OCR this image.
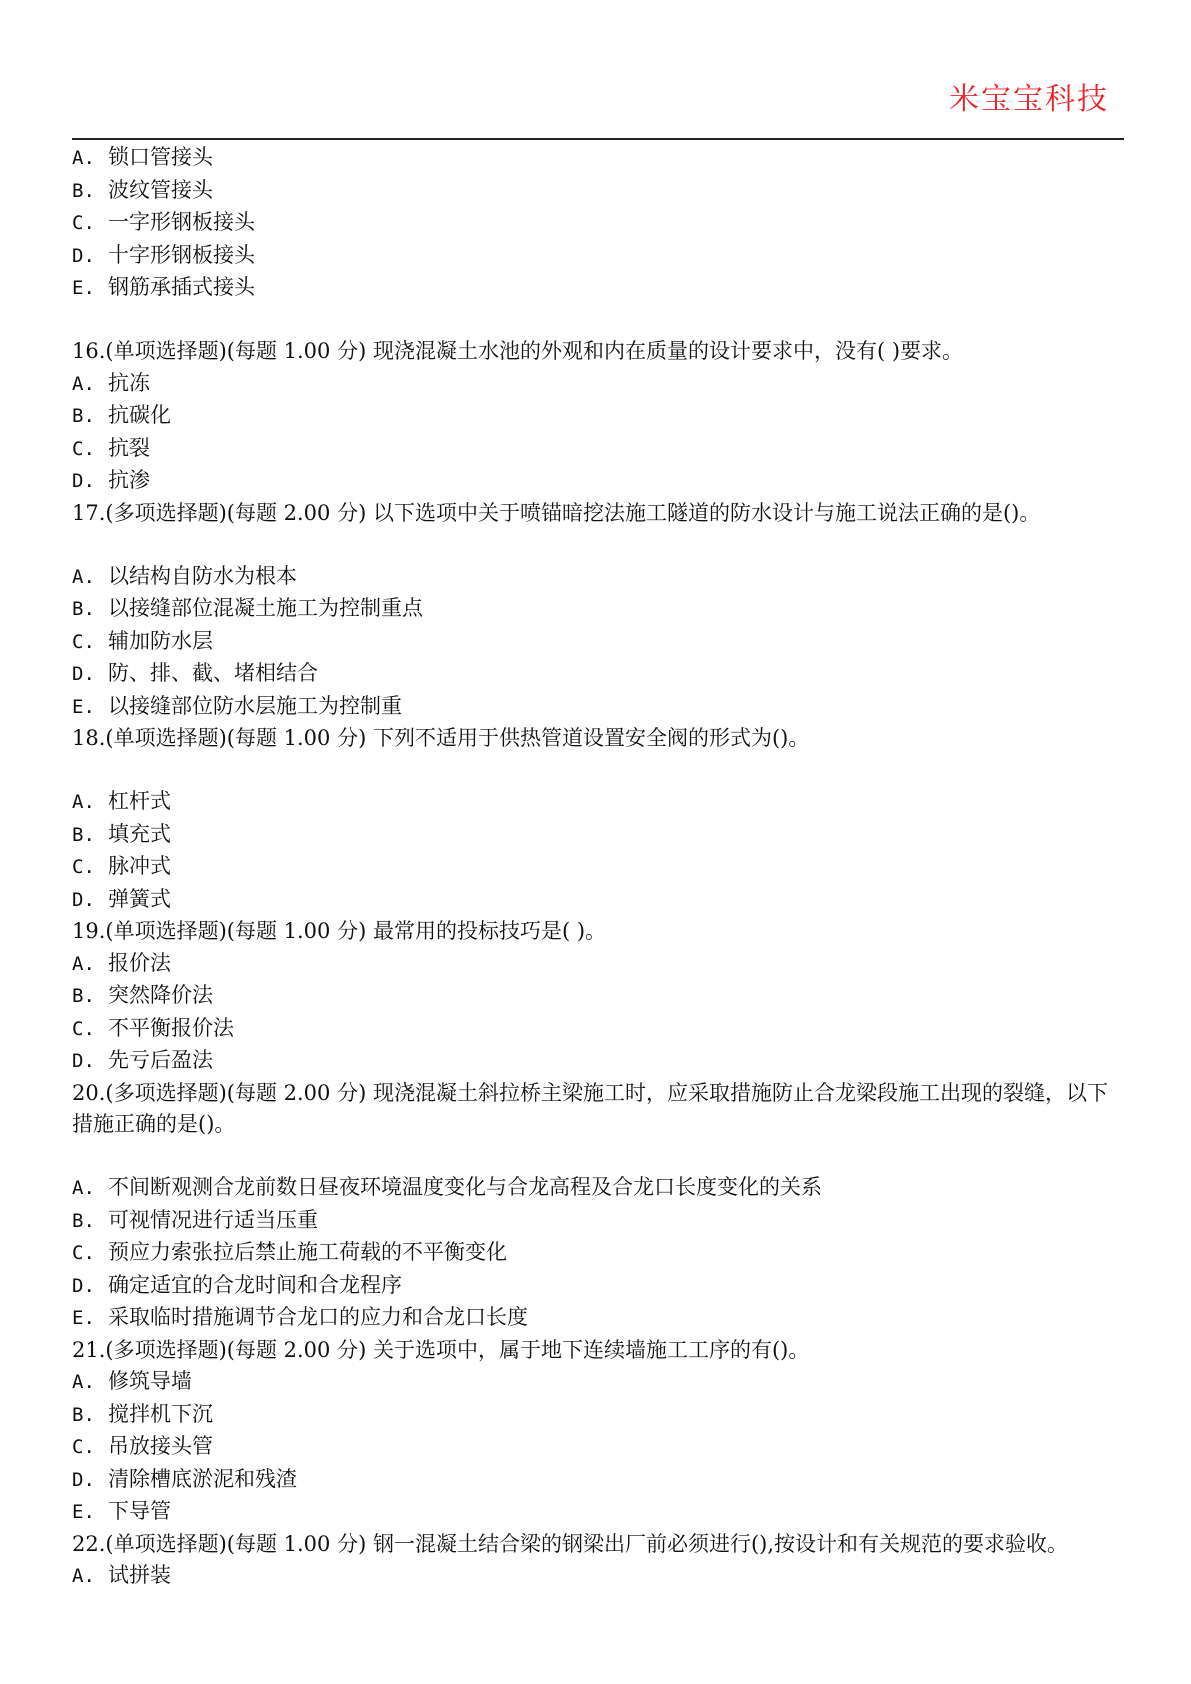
米宝宝科技
A. 锁口管接头
B. 波纹管接头
C. 一字形钢板接头
D. 十字形钢板接头
E. 钢筋承插式接头
16.(单项选择题)(每题 1.00 分) 现浇混凝土水池的外观和内在质量的设计要求中，没有( )要求。
A. 抗冻
B. 抗碳化
C. 抗裂
D. 抗渗
17.(多项选择题)(每题 2.00 分) 以下选项中关于喷锚暗挖法施工隧道的防水设计与施工说法正确的是()。
A. 以结构自防水为根本
B. 以接缝部位混凝土施工为控制重点
C. 辅加防水层
D. 防、排、截、堵相结合
E. 以接缝部位防水层施工为控制重
18.(单项选择题)(每题 1.00 分) 下列不适用于供热管道设置安全阀的形式为()。
A. 杠杆式
B. 填充式
C. 脉冲式
D. 弹簧式
19.(单项选择题)(每题 1.00 分) 最常用的投标技巧是( )。
A. 报价法
B. 突然降价法
C. 不平衡报价法
D. 先亏后盈法
20.(多项选择题)(每题 2.00 分) 现浇混凝土斜拉桥主梁施工时，应采取措施防止合龙梁段施工出现的裂缝，以下措施正确的是()。
A. 不间断观测合龙前数日昼夜环境温度变化与合龙高程及合龙口长度变化的关系
B. 可视情况进行适当压重
C. 预应力索张拉后禁止施工荷载的不平衡变化
D. 确定适宜的合龙时间和合龙程序
E. 采取临时措施调节合龙口的应力和合龙口长度
21.(多项选择题)(每题 2.00 分) 关于选项中，属于地下连续墙施工工序的有()。
A. 修筑导墙
B. 搅拌机下沉
C. 吊放接头管
D. 清除槽底淤泥和残渣
E. 下导管
22.(单项选择题)(每题 1.00 分) 钢一混凝土结合梁的钢梁出厂前必须进行(),按设计和有关规范的要求验收。
A. 试拼装
